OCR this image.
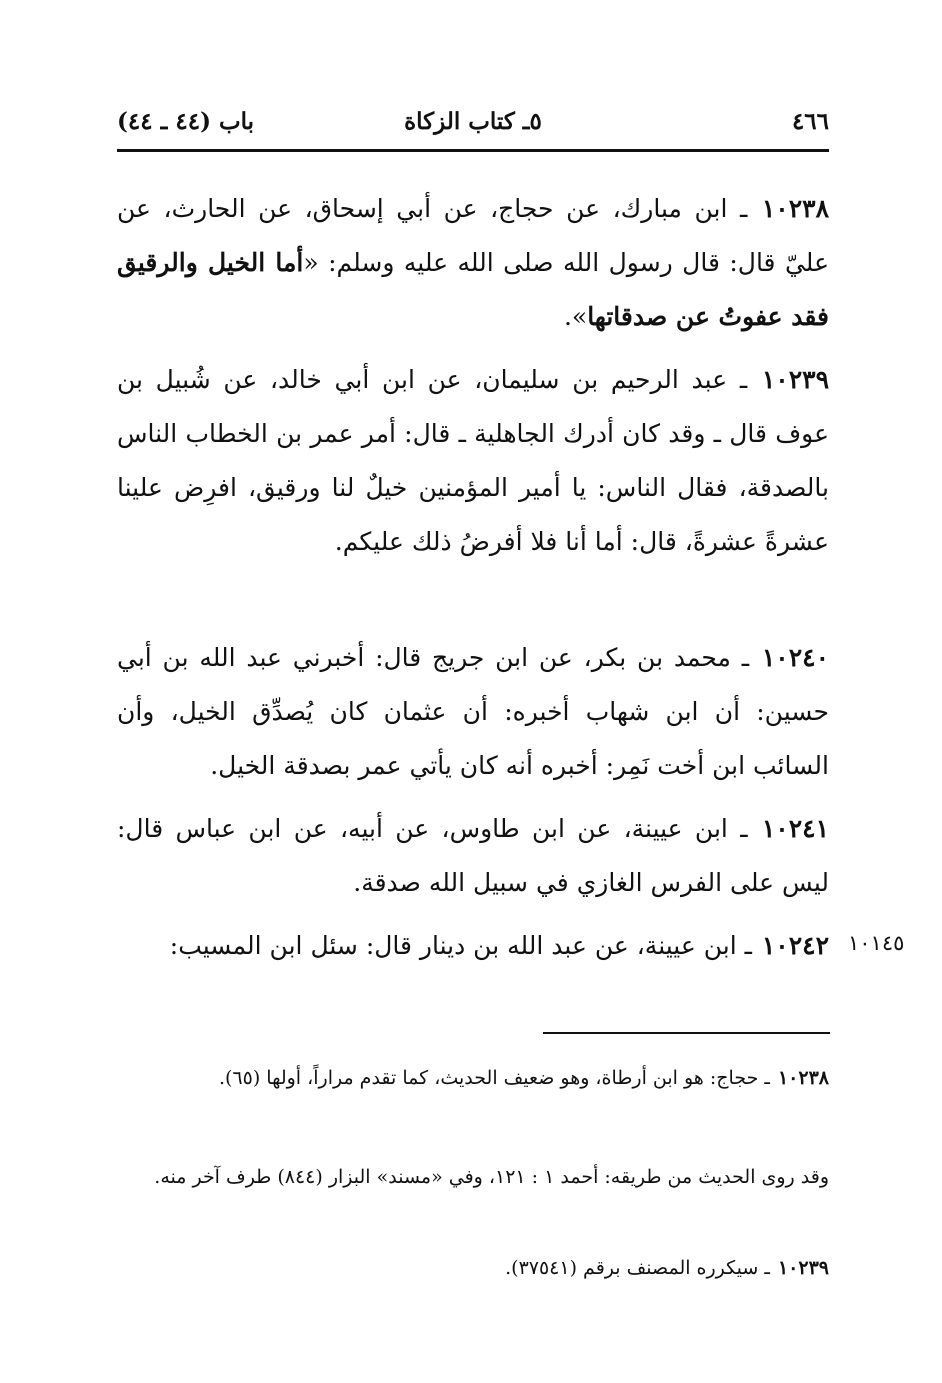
٤٦٦
٥ـ كتاب الزكاة
باب (٤٤ ـ ٤٤)

١٠٢٣٨ ـ ابن مبارك، عن حجاج، عن أبي إسحاق، عن الحارث، عن عليّ قال: قال رسول الله صلى الله عليه وسلم: «أما الخيل والرقيق فقد عفوتُ عن صدقاتها».

١٠٢٣٩ ـ عبد الرحيم بن سليمان، عن ابن أبي خالد، عن شُبيل بن عوف قال ـ وقد كان أدرك الجاهلية ـ قال: أمر عمر بن الخطاب الناس بالصدقة، فقال الناس: يا أمير المؤمنين خيلٌ لنا ورقيق، افرِض علينا عشرةً عشرةً، قال: أما أنا فلا أفرضُ ذلك عليكم.

١٠٢٤٠ ـ محمد بن بكر، عن ابن جريج قال: أخبرني عبد الله بن أبي حسين: أن ابن شهاب أخبره: أن عثمان كان يُصدِّق الخيل، وأن السائب ابن أخت نَمِر: أخبره أنه كان يأتي عمر بصدقة الخيل.

١٠٢٤١ ـ ابن عيينة، عن ابن طاوس، عن أبيه، عن ابن عباس قال: ليس على الفرس الغازي في سبيل الله صدقة.

١٠٢٤٢ ـ ابن عيينة، عن عبد الله بن دينار قال: سئل ابن المسيب:	١٠١٤٥

١٠٢٣٨ ـ حجاج: هو ابن أرطاة، وهو ضعيف الحديث، كما تقدم مراراً، أولها (٦٥).

وقد روى الحديث من طريقه: أحمد ١ : ١٢١، وفي «مسند» البزار (٨٤٤) طرف آخر منه.

١٠٢٣٩ ـ سيكرره المصنف برقم (٣٧٥٤١).
